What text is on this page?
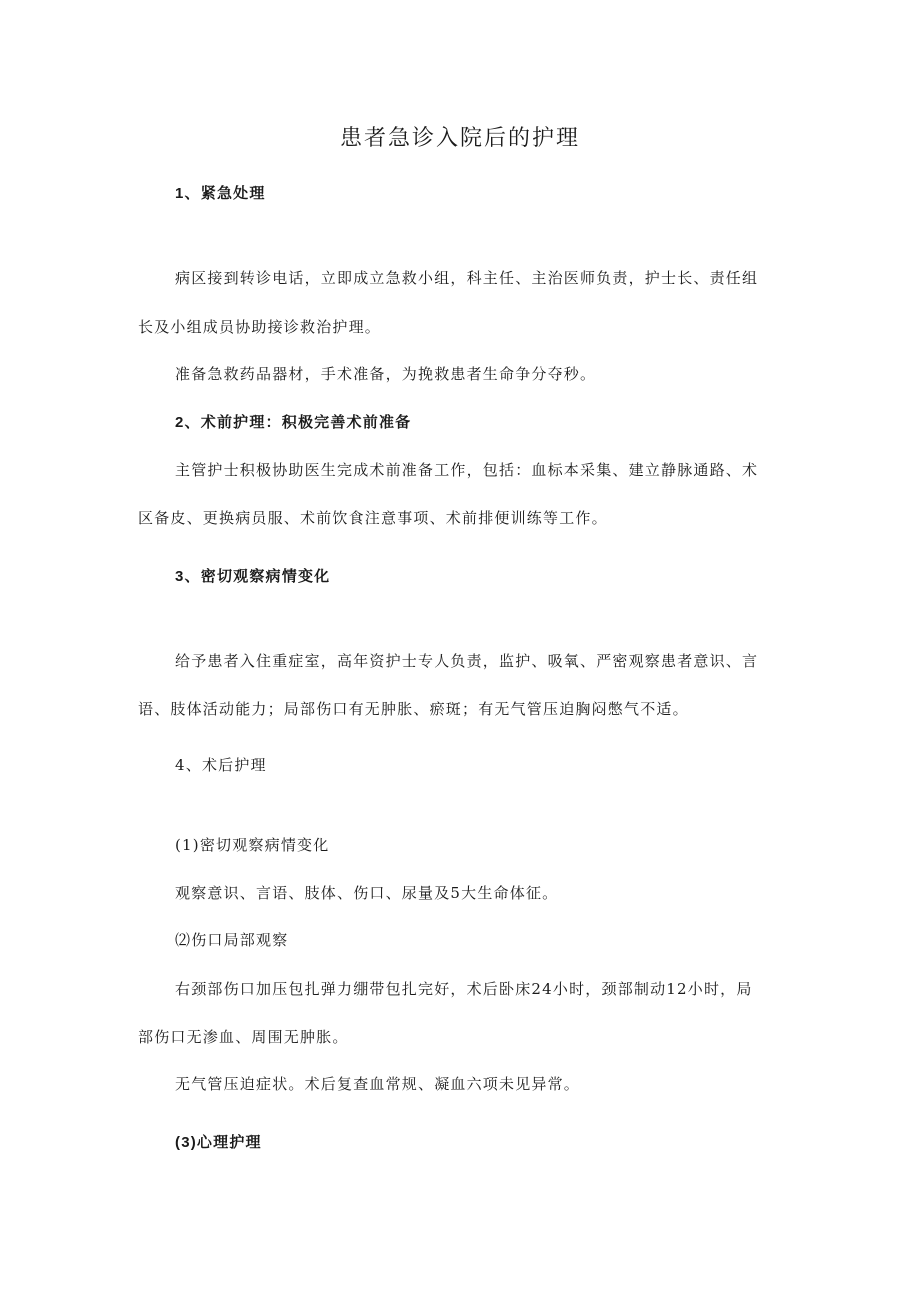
患者急诊入院后的护理
1、紧急处理
病区接到转诊电话，立即成立急救小组，科主任、主治医师负责，护士长、责任组
长及小组成员协助接诊救治护理。
准备急救药品器材，手术准备，为挽救患者生命争分夺秒。
2、术前护理：积极完善术前准备
主管护士积极协助医生完成术前准备工作，包括：血标本采集、建立静脉通路、术
区备皮、更换病员服、术前饮食注意事项、术前排便训练等工作。
3、密切观察病情变化
给予患者入住重症室，高年资护士专人负责，监护、吸氧、严密观察患者意识、言
语、肢体活动能力；局部伤口有无肿胀、瘀斑；有无气管压迫胸闷憋气不适。
4、术后护理
(1)密切观察病情变化
观察意识、言语、肢体、伤口、尿量及5大生命体征。
⑵伤口局部观察
右颈部伤口加压包扎弹力绷带包扎完好，术后卧床24小时，颈部制动12小时，局
部伤口无渗血、周围无肿胀。
无气管压迫症状。术后复查血常规、凝血六项未见异常。
(3)心理护理
